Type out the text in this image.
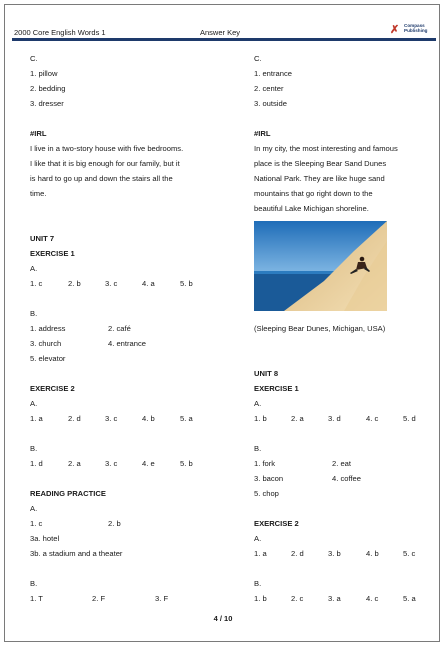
2000 Core English Words 1	Answer Key	✗ Compass
Publishing
C.
1. pillow
2. bedding
3. dresser
#IRL
I live in a two-story house with five bedrooms.
I like that it is big enough for our family, but it
is hard to go up and down the stairs all the
time.
UNIT 7
EXERCISE 1
A.
1. c	2. b	3. c	4. a	5. b
B.
1. address	2. café
3. church	4. entrance
5. elevator
EXERCISE 2
A.
1. a	2. d	3. c	4. b	5. a
B.
1. d	2. a	3. c	4. e	5. b
READING PRACTICE
A.
1. c	2. b
3a. hotel
3b. a stadium and a theater
B.
1. T	2. F	3. F
C.
1. entrance
2. center
3. outside
#IRL
In my city, the most interesting and famous
place is the Sleeping Bear Sand Dunes
National Park. They are like huge sand
mountains that go right down to the
beautiful Lake Michigan shoreline.
(Sleeping Bear Dunes, Michigan, USA)
UNIT 8
EXERCISE 1
A.
1. b	2. a	3. d	4. c	5. d
B.
1. fork	2. eat
3. bacon	4. coffee
5. chop
EXERCISE 2
A.
1. a	2. d	3. b	4. b	5. c
B.
1. b	2. c	3. a	4. c	5. a
4 / 10
